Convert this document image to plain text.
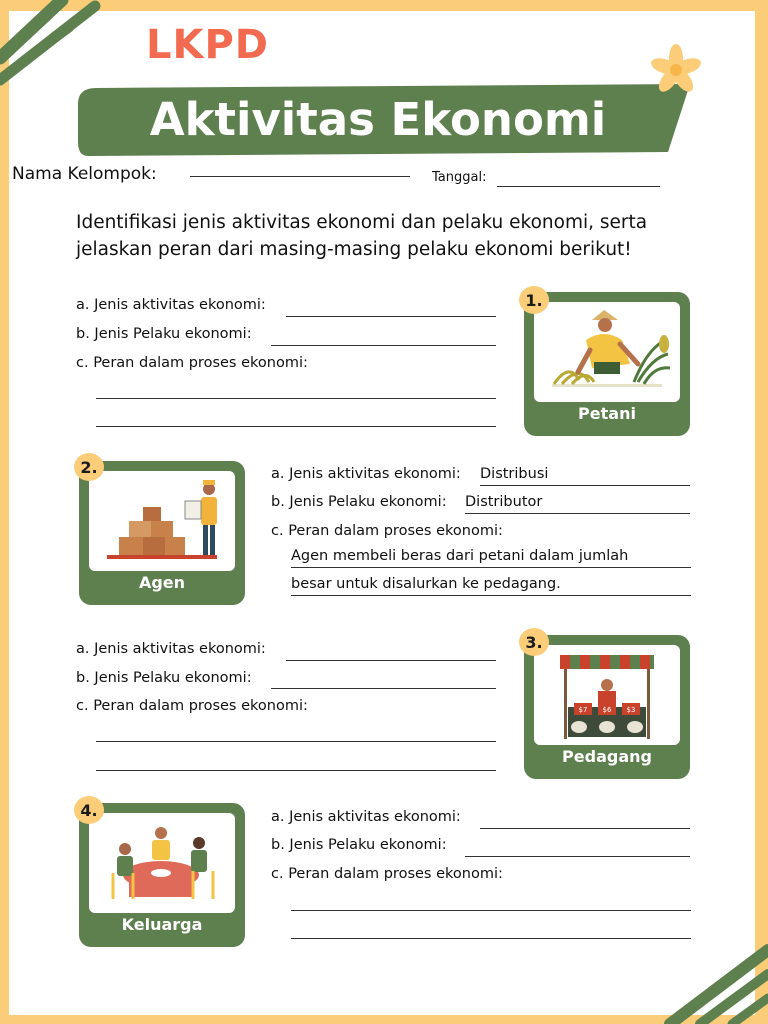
LKPD
Aktivitas Ekonomi
Nama Kelompok:	Tanggal:
Identifikasi jenis aktivitas ekonomi dan pelaku ekonomi, serta jelaskan peran dari masing-masing pelaku ekonomi berikut!
a. Jenis aktivitas ekonomi:
b. Jenis Pelaku ekonomi:
c. Peran dalam proses ekonomi:
Petani
1.
Agen
2.	a. Jenis aktivitas ekonomi: Distribusi
b. Jenis Pelaku ekonomi: Distributor
c. Peran dalam proses ekonomi:
Agen membeli beras dari petani dalam jumlah
besar untuk disalurkan ke pedagang.
a. Jenis aktivitas ekonomi:
b. Jenis Pelaku ekonomi:
c. Peran dalam proses ekonomi:	$7 $6 $3
Pedagang
3.
Keluarga
4.	a. Jenis aktivitas ekonomi:
b. Jenis Pelaku ekonomi:
c. Peran dalam proses ekonomi:
